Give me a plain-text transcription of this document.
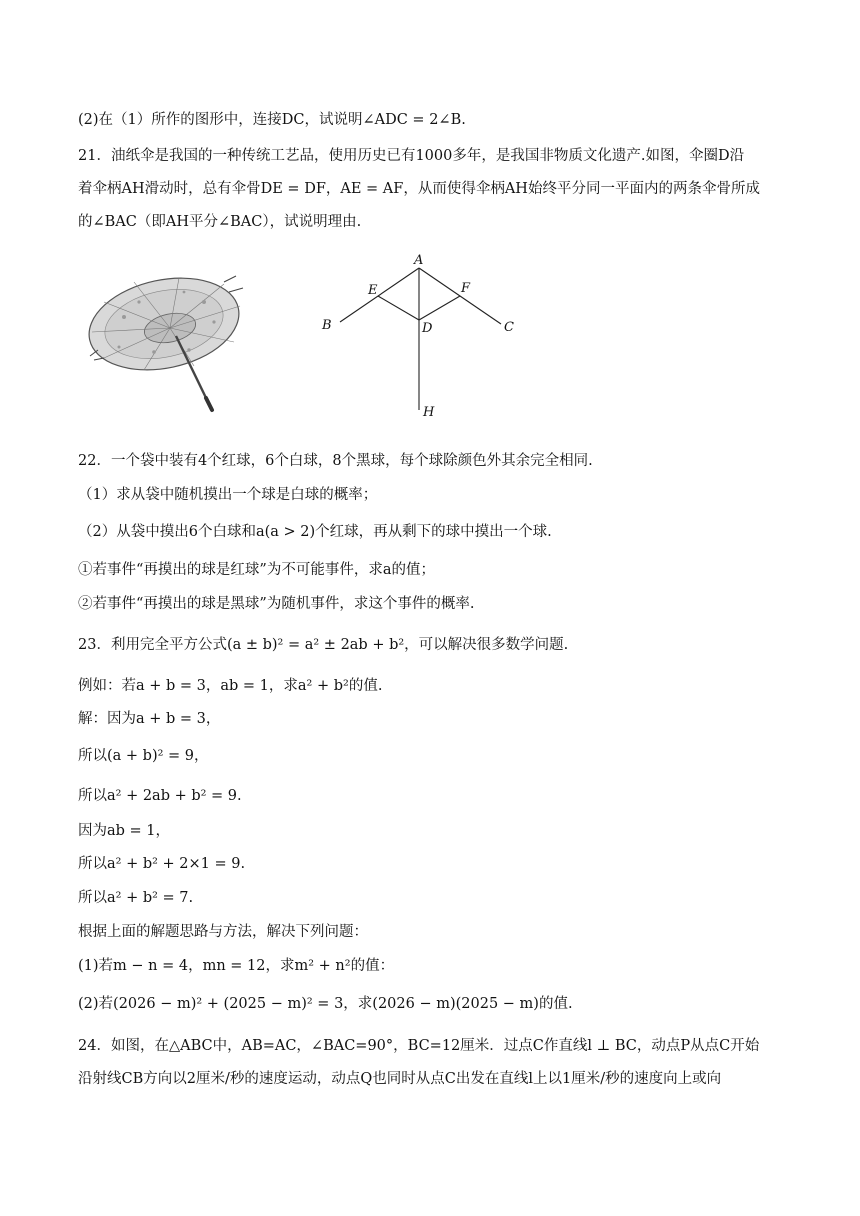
(2)在（1）所作的图形中，连接DC，试说明∠ADC = 2∠B.
21．油纸伞是我国的一种传统工艺品，使用历史已有1000多年，是我国非物质文化遗产.如图，伞圈D沿
着伞柄AH滑动时，总有伞骨DE = DF，AE = AF，从而使得伞柄AH始终平分同一平面内的两条伞骨所成
的∠BAC（即AH平分∠BAC），试说明理由.
A
E	F
B	D	C
H
22．一个袋中装有4个红球，6个白球，8个黑球，每个球除颜色外其余完全相同.
（1）求从袋中随机摸出一个球是白球的概率；
（2）从袋中摸出6个白球和a(a > 2)个红球，再从剩下的球中摸出一个球.
①若事件“再摸出的球是红球”为不可能事件，求a的值；
②若事件“再摸出的球是黑球”为随机事件，求这个事件的概率.
23．利用完全平方公式(a ± b)² = a² ± 2ab + b²，可以解决很多数学问题.
例如：若a + b = 3，ab = 1，求a² + b²的值.
解：因为a + b = 3，
所以(a + b)² = 9，
所以a² + 2ab + b² = 9.
因为ab = 1，
所以a² + b² + 2×1 = 9.
所以a² + b² = 7.
根据上面的解题思路与方法，解决下列问题：
(1)若m − n = 4，mn = 12，求m² + n²的值：
(2)若(2026 − m)² + (2025 − m)² = 3，求(2026 − m)(2025 − m)的值.
24．如图，在△ABC中，AB=AC，∠BAC=90°，BC=12厘米．过点C作直线l ⊥ BC，动点P从点C开始
沿射线CB方向以2厘米/秒的速度运动，动点Q也同时从点C出发在直线l上以1厘米/秒的速度向上或向
